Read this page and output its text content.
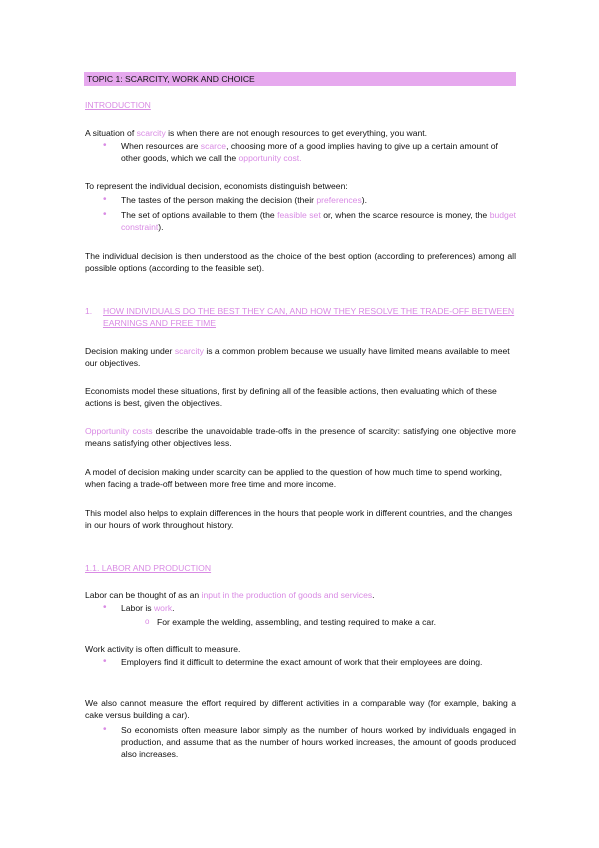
TOPIC 1: SCARCITY, WORK AND CHOICE
INTRODUCTION
A situation of scarcity is when there are not enough resources to get everything, you want.
• When resources are scarce, choosing more of a good implies having to give up a certain amount of other goods, which we call the opportunity cost.
To represent the individual decision, economists distinguish between:
• The tastes of the person making the decision (their preferences).
• The set of options available to them (the feasible set or, when the scarce resource is money, the budget constraint).
The individual decision is then understood as the choice of the best option (according to preferences) among all possible options (according to the feasible set).
1. HOW INDIVIDUALS DO THE BEST THEY CAN, AND HOW THEY RESOLVE THE TRADE-OFF BETWEEN EARNINGS AND FREE TIME
Decision making under scarcity is a common problem because we usually have limited means available to meet our objectives.
Economists model these situations, first by defining all of the feasible actions, then evaluating which of these actions is best, given the objectives.
Opportunity costs describe the unavoidable trade-offs in the presence of scarcity: satisfying one objective more means satisfying other objectives less.
A model of decision making under scarcity can be applied to the question of how much time to spend working, when facing a trade-off between more free time and more income.
This model also helps to explain differences in the hours that people work in different countries, and the changes in our hours of work throughout history.
1.1. LABOR AND PRODUCTION
Labor can be thought of as an input in the production of goods and services.
• Labor is work.
o For example the welding, assembling, and testing required to make a car.
Work activity is often difficult to measure.
• Employers find it difficult to determine the exact amount of work that their employees are doing.
We also cannot measure the effort required by different activities in a comparable way (for example, baking a cake versus building a car).
• So economists often measure labor simply as the number of hours worked by individuals engaged in production, and assume that as the number of hours worked increases, the amount of goods produced also increases.
